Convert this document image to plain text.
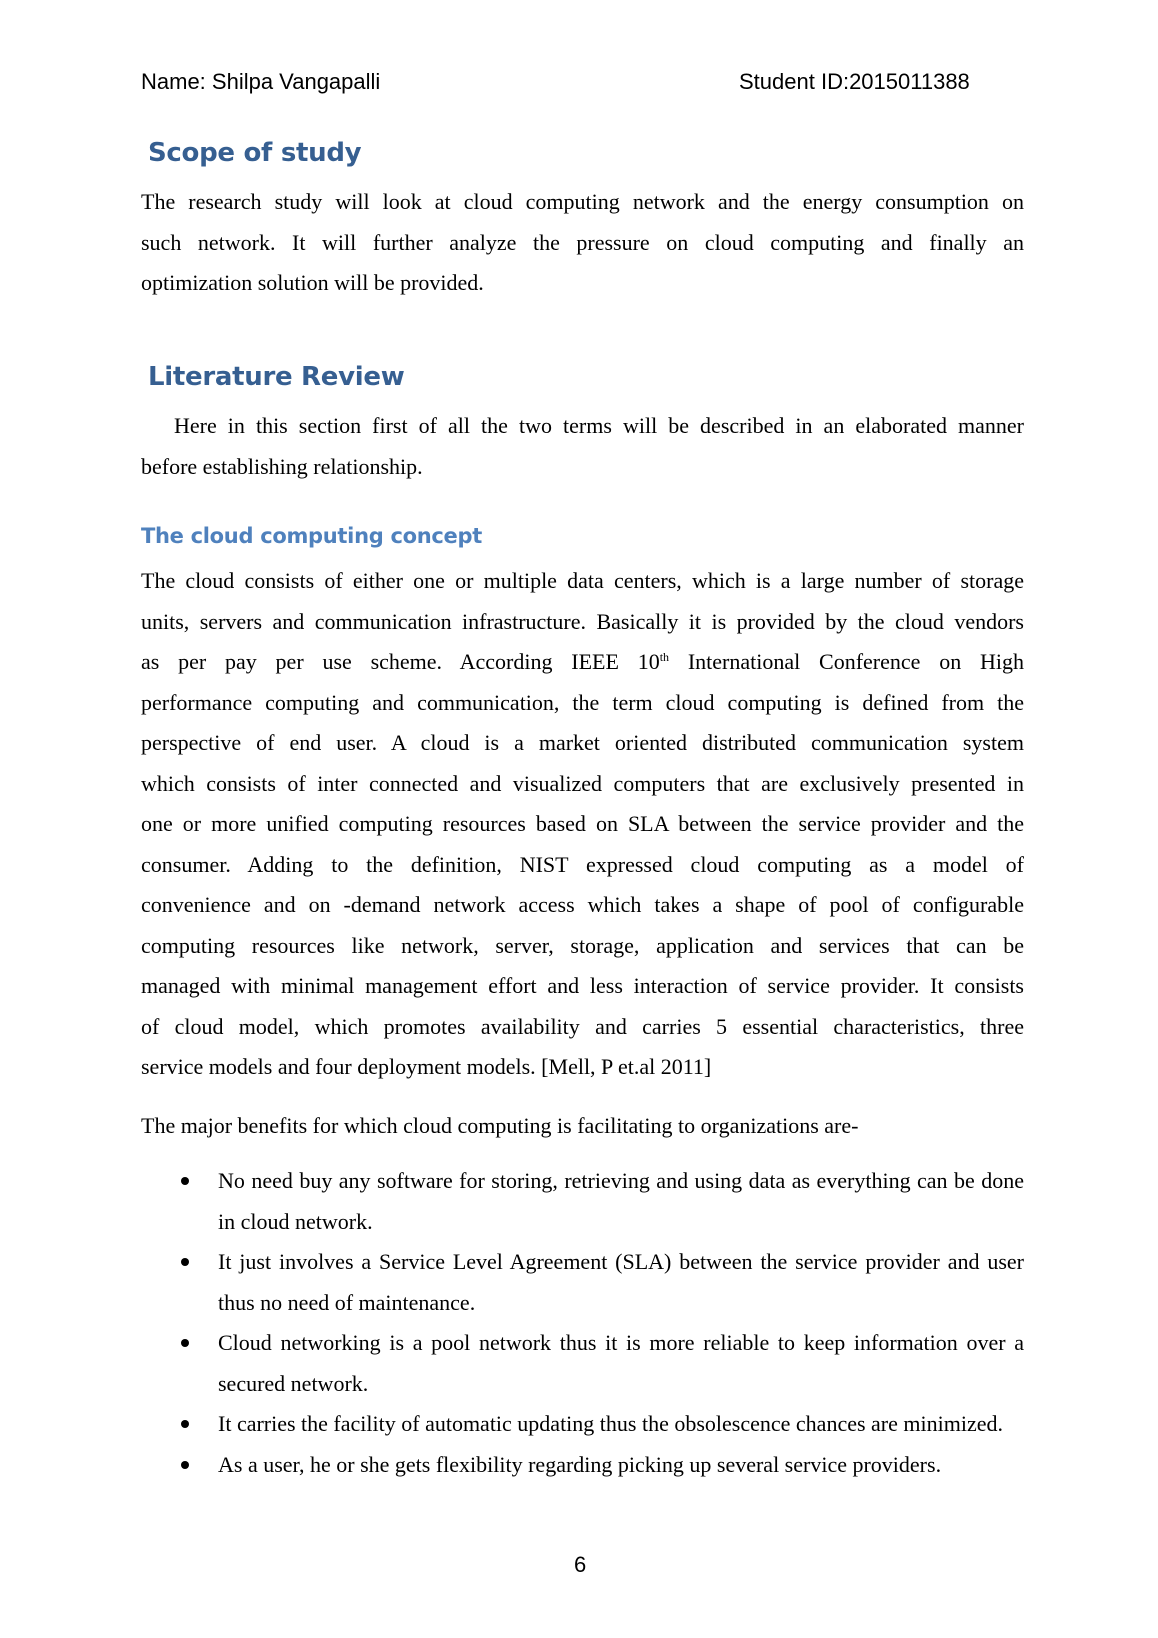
Name: Shilpa Vangapalli	Student ID:2015011388
Scope of study

The research study will look at cloud computing network and the energy consumption on
such network. It will further analyze the pressure on cloud computing and finally an
optimization solution will be provided.

Literature Review

Here in this section first of all the two terms will be described in an elaborated manner
before establishing relationship.

The cloud computing concept

The cloud consists of either one or multiple data centers, which is a large number of storage
units, servers and communication infrastructure. Basically it is provided by the cloud vendors
as per pay per use scheme. According IEEE 10th International Conference on High
performance computing and communication, the term cloud computing is defined from the
perspective of end user. A cloud is a market oriented distributed communication system
which consists of inter connected and visualized computers that are exclusively presented in
one or more unified computing resources based on SLA between the service provider and the
consumer. Adding to the definition, NIST expressed cloud computing as a model of
convenience and on -demand network access which takes a shape of pool of configurable
computing resources like network, server, storage, application and services that can be
managed with minimal management effort and less interaction of service provider. It consists
of cloud model, which promotes availability and carries 5 essential characteristics, three
service models and four deployment models. [Mell, P et.al 2011]

The major benefits for which cloud computing is facilitating to organizations are-

No need buy any software for storing, retrieving and using data as everything can be done in cloud network.
It just involves a Service Level Agreement (SLA) between the service provider and user thus no need of maintenance.
Cloud networking is a pool network thus it is more reliable to keep information over a secured network.
It carries the facility of automatic updating thus the obsolescence chances are minimized.
As a user, he or she gets flexibility regarding picking up several service providers.
6
